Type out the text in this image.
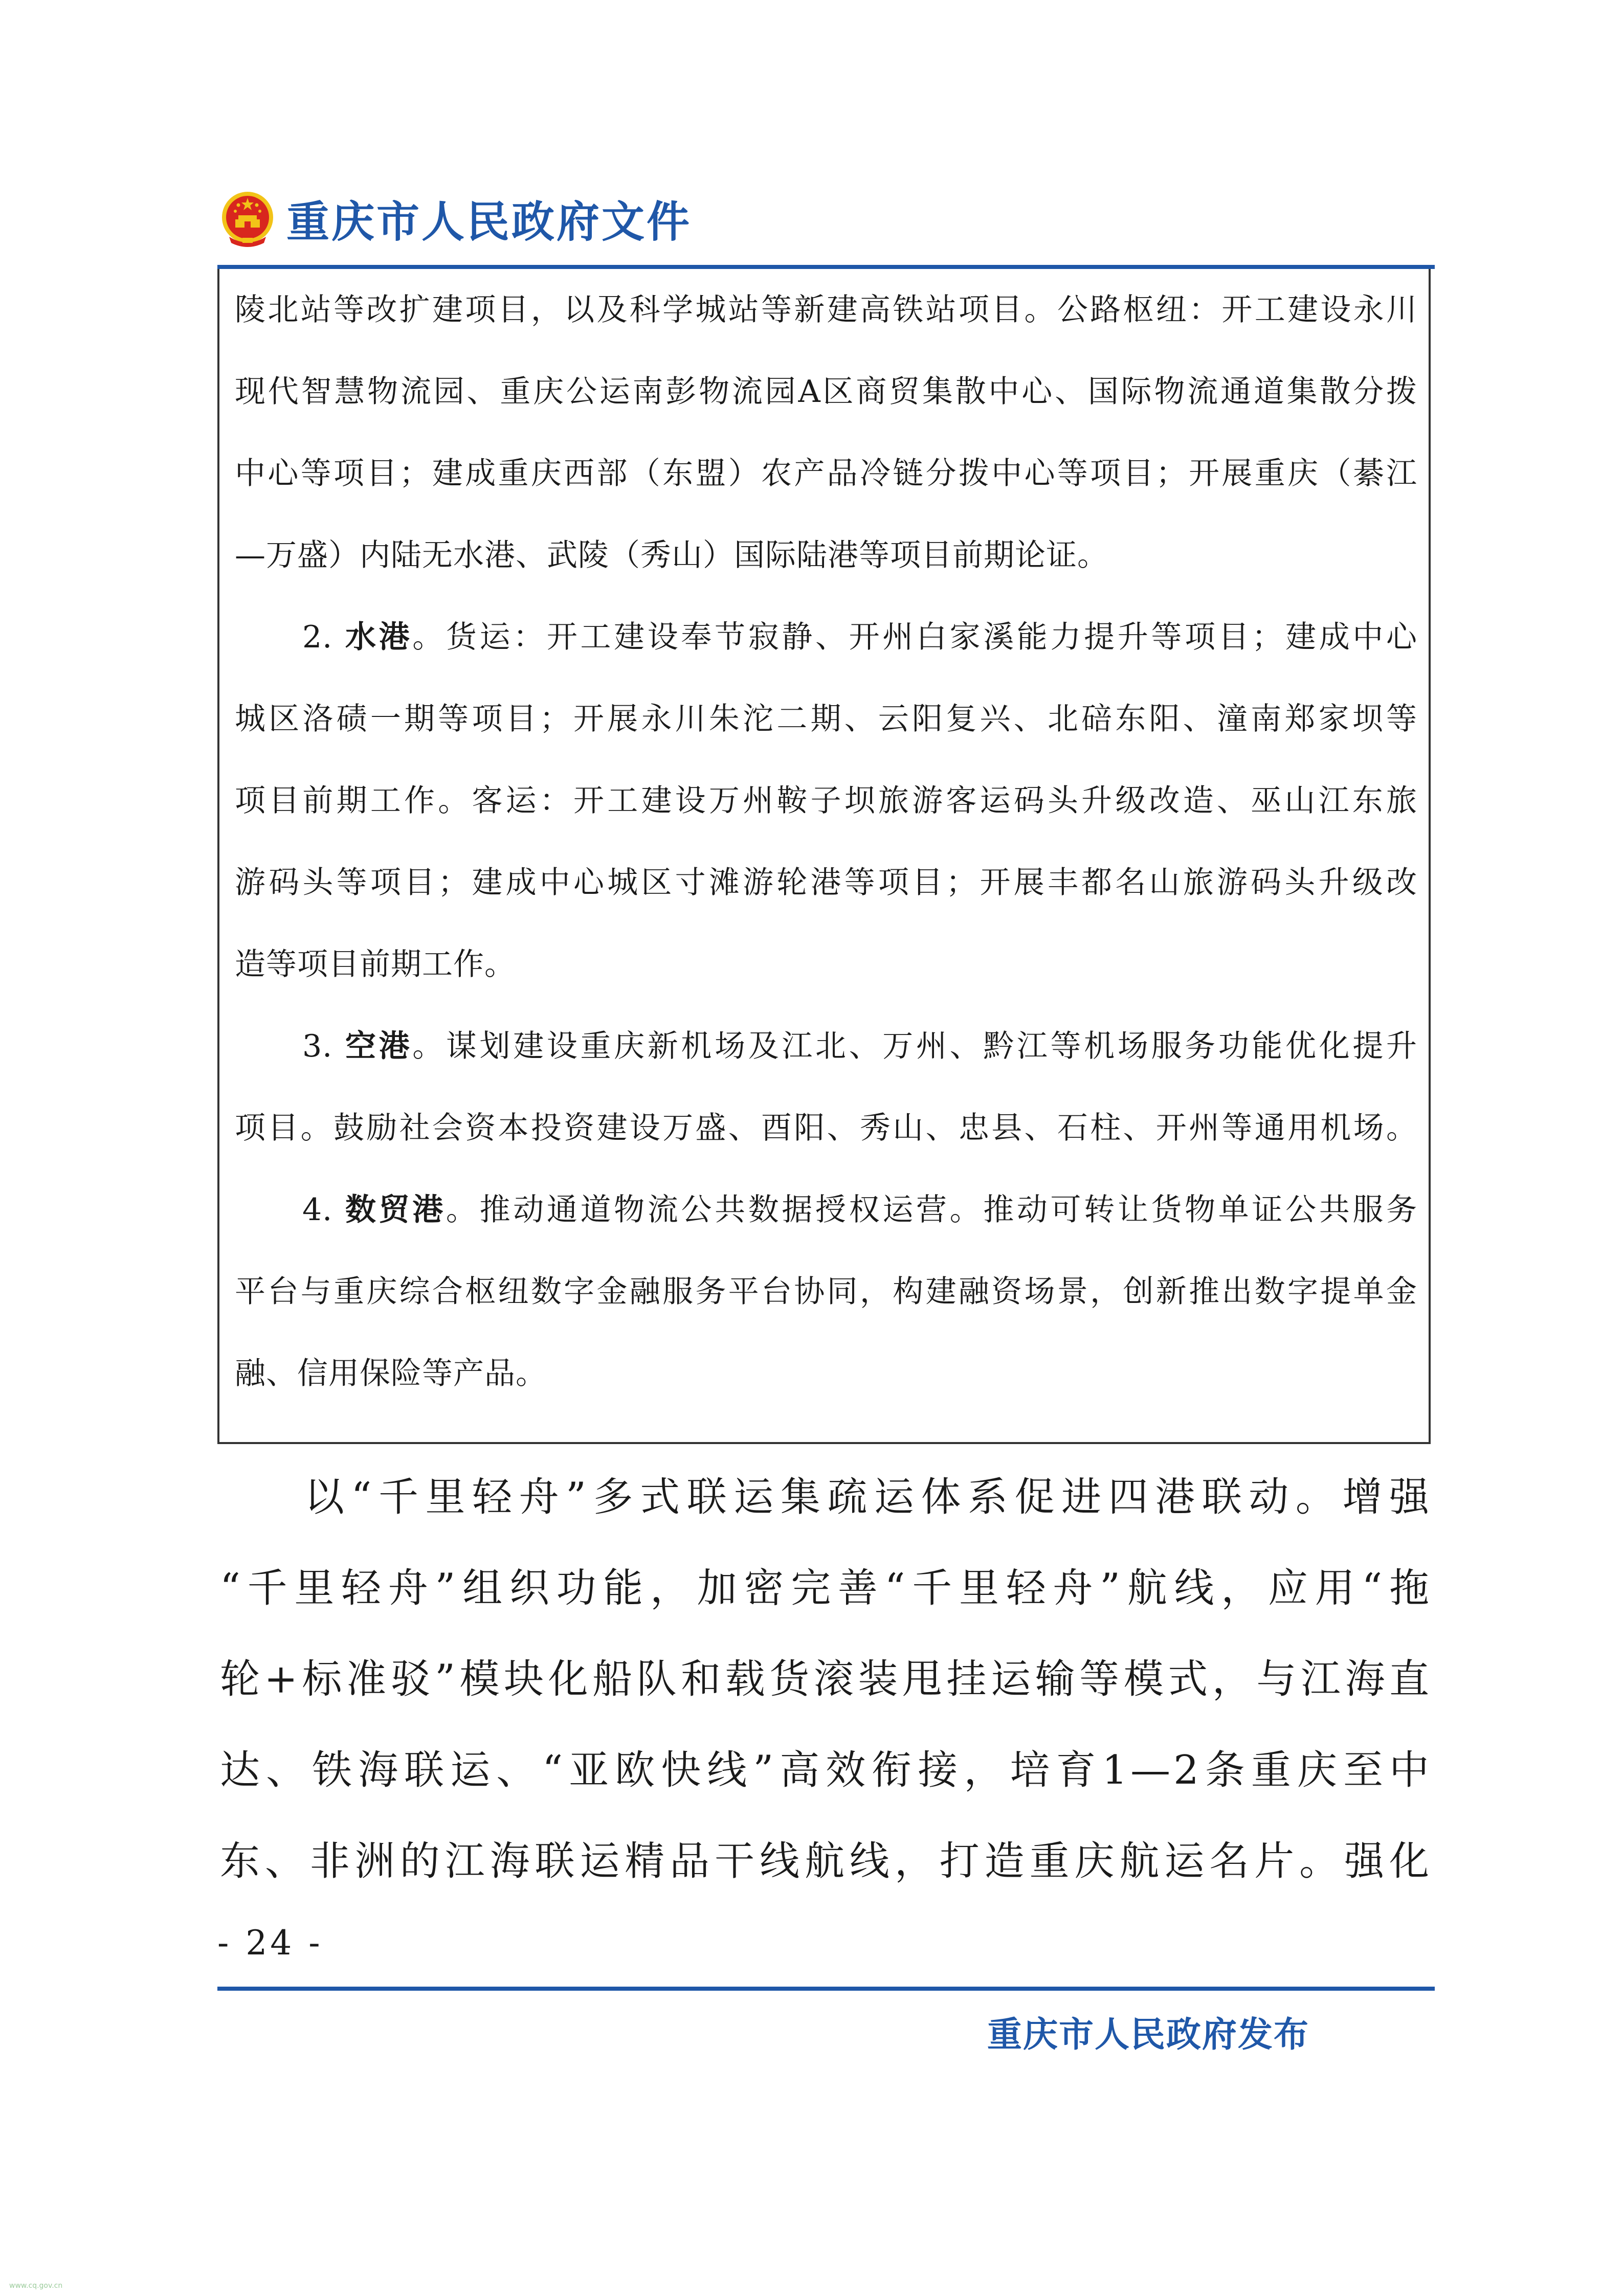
重庆市人民政府文件
陵北站等改扩建项目，以及科学城站等新建高铁站项目。公路枢纽：开工建设永川
现代智慧物流园、重庆公运南彭物流园A区商贸集散中心、国际物流通道集散分拨
中心等项目；建成重庆西部（东盟）农产品冷链分拨中心等项目；开展重庆（綦江
—万盛）内陆无水港、武陵（秀山）国际陆港等项目前期论证。
2. 水港。货运：开工建设奉节寂静、开州白家溪能力提升等项目；建成中心
城区洛碛一期等项目；开展永川朱沱二期、云阳复兴、北碚东阳、潼南郑家坝等
项目前期工作。客运：开工建设万州鞍子坝旅游客运码头升级改造、巫山江东旅
游码头等项目；建成中心城区寸滩游轮港等项目；开展丰都名山旅游码头升级改
造等项目前期工作。
3. 空港。谋划建设重庆新机场及江北、万州、黔江等机场服务功能优化提升
项目。鼓励社会资本投资建设万盛、酉阳、秀山、忠县、石柱、开州等通用机场。
4. 数贸港。推动通道物流公共数据授权运营。推动可转让货物单证公共服务
平台与重庆综合枢纽数字金融服务平台协同，构建融资场景，创新推出数字提单金
融、信用保险等产品。
以“千里轻舟”多式联运集疏运体系促进四港联动。增强
“千里轻舟”组织功能，加密完善“千里轻舟”航线，应用“拖
轮+标准驳”模块化船队和载货滚装甩挂运输等模式，与江海直
达、铁海联运、“亚欧快线”高效衔接，培育1—2条重庆至中
东、非洲的江海联运精品干线航线，打造重庆航运名片。强化
- 24 -
重庆市人民政府发布
www.cq.gov.cn
